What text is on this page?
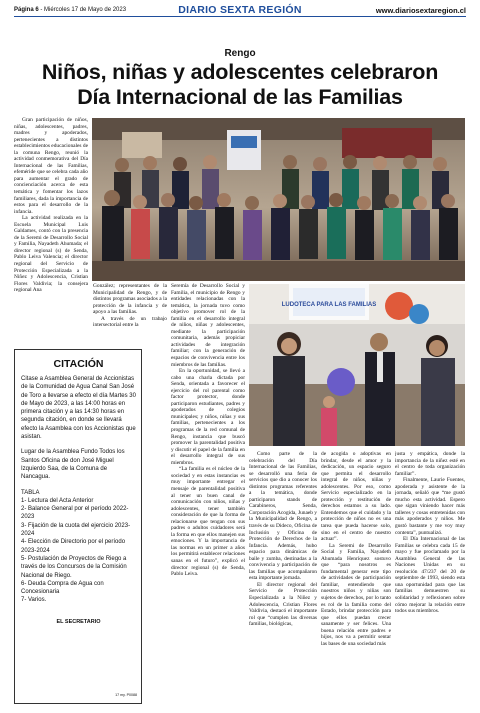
Página 6 - Miércoles 17 de Mayo de 2023	DIARIO SEXTA REGIÓN	www.diariosextaregion.cl
Rengo
Niños, niñas y adolescentes celebraron
Día Internacional de las Familias

Gran participación de niños, niñas, adolescentes, padres, madres y apoderados, pertenecientes a distintos establecimientos educacionales de la comuna Rengo, reunió la actividad conmemorativa del Día Internacional de las Familias, efeméride que se celebra cada año para aumentar el grado de concienciación acerca de esta temática y fomentar los lazos familiares, dada la importancia de estos para el desarrollo de la infancia.

La actividad realizada en la Escuela Municipal Luis Galdames, contó con la presencia de la Seremi de Desarrollo Social y Familia, Nayadeth Ahumada; el director regional (s) de Senda, Pablo Leiva Valencia; el director regional del Servicio de Protección Especializada a la Niñez y Adolescencia, Cristian Flores Valdivia; la consejera regional Ana

González; representantes de la Municipalidad de Rengo, y de distintos programas asociados a la protección de la infancia y de apoyo a las familias.

A través de un trabajo intersectorial entre la

CITACIÓN

Citase a Asamblea General de Accionistas de la Comunidad de Agua Canal San José de Toro a llevarse a efecto el día Martes 30 de Mayo de 2023, a las 14:00 horas en primera citación y a las 14:30 horas en segunda citación, en donde se llevará efecto la Asamblea con los Accionistas que asistan.

Lugar de la Asamblea Fundo Todos los Santos Oficina de don José Miguel Izquierdo Saa, de la Comuna de Nancagua.

TABLA
1- Lectura del Acta Anterior
2- Balance General por el período 2022-2023
3- Fijación de la cuota del ejercicio 2023-2024
4- Elección de Directorio por el período 2023-2024
5- Postulación de Proyectos de Riego a través de los Concursos de la Comisión Nacional de Riego.
6- Deuda Compra de Agua con Concesionaria
7- Varios.
EL SECRETARIO
17 my. P0088

Seremía de Desarrollo Social y Familia, el municipio de Rengo y entidades relacionadas con la temática, la jornada tuvo como objetivo promover rol de la familia en el desarrollo integral de niños, niñas y adolescentes, mediante la participación comunitaria, además propiciar actividades de integración familiar; con la generación de espacios de convivencia entre los miembros de las familias.

En la oportunidad, se llevó a cabo una charla dictada por Senda, orientada a favorecer el ejercicio del rol parental como factor protector, donde participaron estudiantes, padres y apoderados de colegios municipales; y niños, niñas y sus familias, pertenecientes a los programas de la red comunal de Rengo, instancia que buscó promover la parentalidad positiva y discutir el papel de la familia en el desarrollo integral de sus miembros.

“La familia es el núcleo de la sociedad y en estas instancias es muy importante entregar el mensaje de parentalidad positiva al tener un buen canal de comunicación con niños, niñas y adolescentes, tener también consideración de que la forma de relacionarse que tengan con sus padres o adultos cuidadores será la forma en que ellos manejen sus emociones. Y la importancia de las normas en un primer a años los permitirá establecer relaciones sanas en el futuro”, explicó el director regional (s) de Senda, Pablo Leiva.

LUDOTECA PARA LAS FAMILIAS

Como parte de la celebración del Día Internacional de las Familias, se desarrolló una feria de servicios que dio a conocer los distintos programas referentes a la temática, donde participaron stands de Carabineros, Senda, Corporación Acogida, Junaeb y la Municipalidad de Rengo, a través de su Dideco, Oficina de Inclusión y Oficina de Protección de Derechos de la Infancia. Además, hubo espacio para dinámicas de baile y zumba, destinadas a la convivencia y participación de las familias que acompañaron esta importante jornada.

El director regional del Servicio de Protección Especializada a la Niñez y Adolescencia, Cristian Flores Valdivia, destacó el importante rol que “cumplen las diversas familias, biológicas,

de acogida o adoptivas en brindar, desde el amor y la dedicación, un espacio seguro que permita el desarrollo integral de niños, niñas y adolescentes. Por eso, como Servicio especializado en la protección y restitución de derechos estamos a su lado. Entendemos que el cuidado y la protección de niños no es una tarea que pueda hacerse solo, sino en el centro de nuestro actuar”.

La Seremi de Desarrollo Social y Familia, Nayadeth Ahumada Henríquez sostuvo que “para nosotros es fundamental generar este tipo de actividades de participación familiar, entendiendo que nuestros niños y niñas son sujetos de derechos, por lo tanto es rol de la familia como del Estado, brindar protección para que ellos puedan crecer sanamente y ser felices. Una buena relación entre padres e hijos, nos va a permitir sentar las bases de una sociedad más

justa y empática, donde la importancia de la niñez esté en el centro de toda organización familiar”.

Finalmente, Laurie Fuentes, apoderada y asistente de la jornada, señaló que “me gustó mucho esta actividad. Espero que sigan viniendo hacer más talleres y cosas entretenidas con más apoderados y niños. Me gustó bastante y me voy muy contenta”, puntualizó.

El Día Internacional de las Familias se celebra cada 15 de mayo y fue proclamado por la Asamblea General de las Naciones Unidas en su resolución 47/237 del 20 de septiembre de 1993, siendo esta una oportunidad para que las familias demuestren su solidaridad y reflexionen sobre cómo mejorar la relación entre todos sus miembros.
